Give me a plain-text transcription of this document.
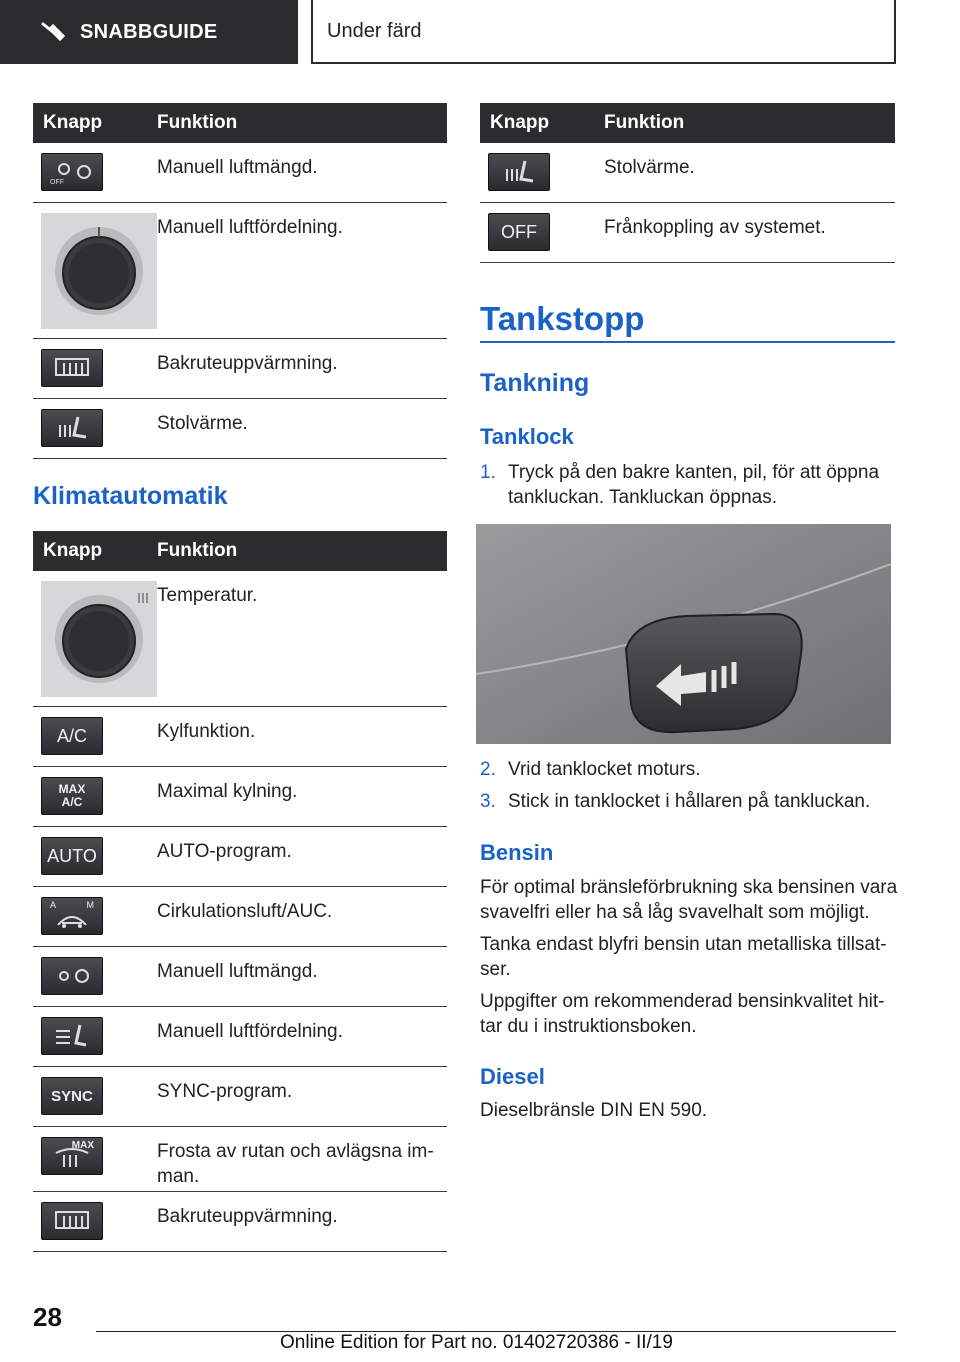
SNABBGUIDE	Under färd
Knapp	Funktion
OFF
Manuell luftmängd.
Manuell luftfördelning.
Bakruteuppvärmning.
Stolvärme.
Klimatautomatik
Knapp	Funktion
Temperatur.
A/C	Kylfunktion.
MAX A/C	Maximal kylning.
AUTO	AUTO-program.
A	M	Cirkulationsluft/AUC.
Manuell luftmängd.
Manuell luftfördelning.
SYNC	SYNC-program.
MAX	Frosta av rutan och avlägsna im-man.
Bakruteuppvärmning.
Knapp	Funktion
Stolvärme.
OFF	Frånkoppling av systemet.
Tankstopp
Tankning
Tanklock
1. Tryck på den bakre kanten, pil, för att öppna tankluckan. Tankluckan öppnas.
2. Vrid tanklocket moturs.
3. Stick in tanklocket i hållaren på tankluckan.
Bensin
För optimal bränsleförbrukning ska bensinen vara svavelfri eller ha så låg svavelhalt som möjligt.
Tanka endast blyfri bensin utan metalliska tillsat-ser.
Uppgifter om rekommenderad bensinkvalitet hit-tar du i instruktionsboken.
Diesel
Dieselbränsle DIN EN 590.
28
Online Edition for Part no. 01402720386 - II/19
